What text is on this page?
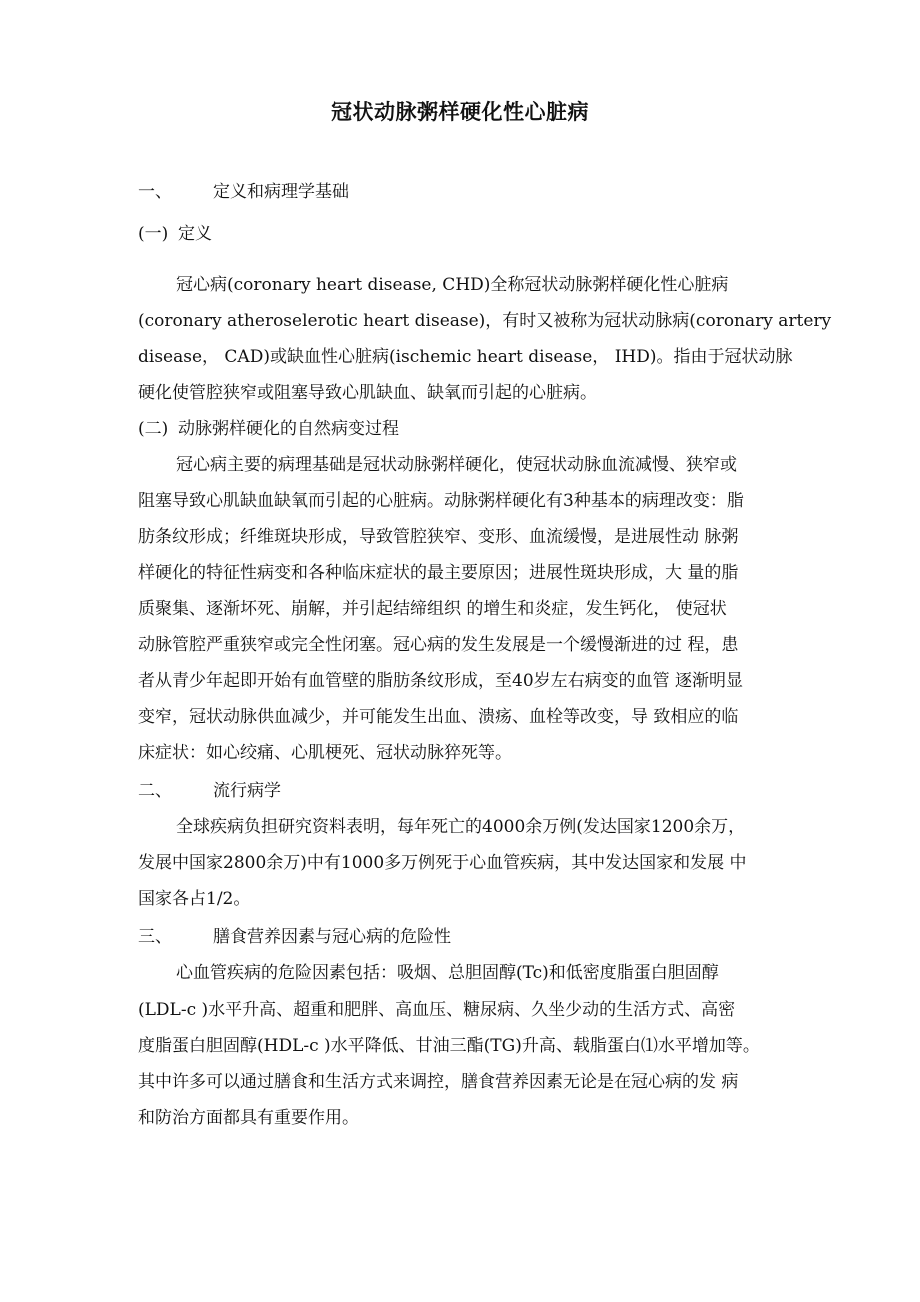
冠状动脉粥样硬化性心脏病
一、 定义和病理学基础
(一) 定义
冠心病(coronary heart disease, CHD)全称冠状动脉粥样硬化性心脏病
(coronary atheroselerotic heart disease)，有时又被称为冠状动脉病(coronary artery
disease， CAD)或缺血性心脏病(ischemic heart disease， IHD)。指由于冠状动脉
硬化使管腔狭窄或阻塞导致心肌缺血、缺氧而引起的心脏病。
(二) 动脉粥样硬化的自然病变过程
冠心病主要的病理基础是冠状动脉粥样硬化，使冠状动脉血流减慢、狭窄或
阻塞导致心肌缺血缺氧而引起的心脏病。动脉粥样硬化有3种基本的病理改变：脂
肪条纹形成；纤维斑块形成，导致管腔狭窄、变形、血流缓慢，是进展性动 脉粥
样硬化的特征性病变和各种临床症状的最主要原因；进展性斑块形成，大 量的脂
质聚集、逐渐坏死、崩解，并引起结缔组织 的增生和炎症，发生钙化， 使冠状
动脉管腔严重狭窄或完全性闭塞。冠心病的发生发展是一个缓慢渐进的过 程，患
者从青少年起即开始有血管壁的脂肪条纹形成，至40岁左右病变的血管 逐渐明显
变窄，冠状动脉供血减少，并可能发生出血、溃疡、血栓等改变，导 致相应的临
床症状：如心绞痛、心肌梗死、冠状动脉猝死等。
二、 流行病学
全球疾病负担研究资料表明，每年死亡的4000余万例(发达国家1200余万，
发展中国家2800余万)中有1000多万例死于心血管疾病，其中发达国家和发展 中
国家各占1/2。
三、 膳食营养因素与冠心病的危险性
心血管疾病的危险因素包括：吸烟、总胆固醇(Tc)和低密度脂蛋白胆固醇
(LDL-c )水平升高、超重和肥胖、高血压、糖尿病、久坐少动的生活方式、高密
度脂蛋白胆固醇(HDL-c )水平降低、甘油三酯(TG)升高、载脂蛋白⑴水平增加等。
其中许多可以通过膳食和生活方式来调控，膳食营养因素无论是在冠心病的发 病
和防治方面都具有重要作用。
